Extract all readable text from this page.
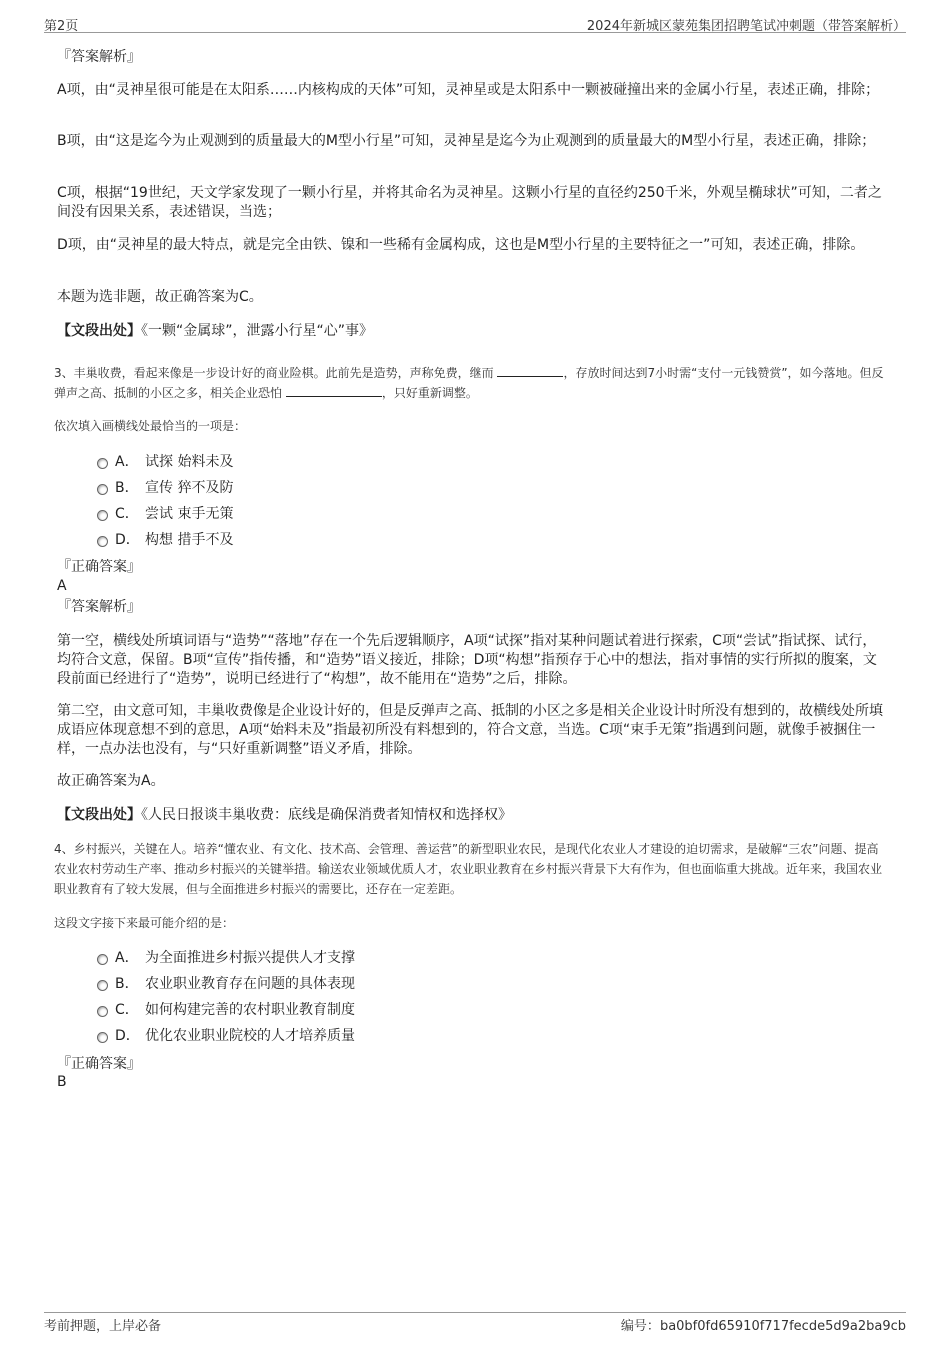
第2页	2024年新城区蒙苑集团招聘笔试冲刺题（带答案解析）
『答案解析』

A项，由“灵神星很可能是在太阳系……内核构成的天体”可知，灵神星或是太阳系中一颗被碰撞出来的金属小行星，表述正确，排除；

B项，由“这是迄今为止观测到的质量最大的M型小行星”可知，灵神星是迄今为止观测到的质量最大的M型小行星，表述正确，排除；

C项，根据“19世纪，天文学家发现了一颗小行星，并将其命名为灵神星。这颗小行星的直径约250千米，外观呈椭球状”可知，二者之间没有因果关系，表述错误，当选；

D项，由“灵神星的最大特点，就是完全由铁、镍和一些稀有金属构成，这也是M型小行星的主要特征之一”可知，表述正确，排除。

本题为选非题，故正确答案为C。

【文段出处】《一颗“金属球”，泄露小行星“心”事》

3、丰巢收费，看起来像是一步设计好的商业险棋。此前先是造势，声称免费，继而	，存放时间达到7小时需“支付一元钱赞赏”，如今落地。但反弹声之高、抵制的小区之多，相关企业恐怕	，只好重新调整。

依次填入画横线处最恰当的一项是：

A． 试探 始料未及
B． 宣传 猝不及防
C． 尝试 束手无策
D． 构想 措手不及
『正确答案』
A
『答案解析』

第一空，横线处所填词语与“造势”“落地”存在一个先后逻辑顺序，A项“试探”指对某种问题试着进行探索，C项“尝试”指试探、试行，均符合文意，保留。B项“宣传”指传播，和“造势”语义接近，排除；D项“构想”指预存于心中的想法，指对事情的实行所拟的腹案，文段前面已经进行了“造势”，说明已经进行了“构想”，故不能用在“造势”之后，排除。

第二空，由文意可知，丰巢收费像是企业设计好的，但是反弹声之高、抵制的小区之多是相关企业设计时所没有想到的，故横线处所填成语应体现意想不到的意思，A项“始料未及”指最初所没有料想到的，符合文意，当选。C项“束手无策”指遇到问题，就像手被捆住一样，一点办法也没有，与“只好重新调整”语义矛盾，排除。

故正确答案为A。

【文段出处】《人民日报谈丰巢收费：底线是确保消费者知情权和选择权》

4、乡村振兴，关键在人。培养“懂农业、有文化、技术高、会管理、善运营”的新型职业农民，是现代化农业人才建设的迫切需求，是破解“三农”问题、提高农业农村劳动生产率、推动乡村振兴的关键举措。输送农业领域优质人才，农业职业教育在乡村振兴背景下大有作为，但也面临重大挑战。近年来，我国农业职业教育有了较大发展，但与全面推进乡村振兴的需要比，还存在一定差距。

这段文字接下来最可能介绍的是：

A． 为全面推进乡村振兴提供人才支撑
B． 农业职业教育存在问题的具体表现
C． 如何构建完善的农村职业教育制度
D． 优化农业职业院校的人才培养质量
『正确答案』
B
考前押题，上岸必备	编号：ba0bf0fd65910f717fecde5d9a2ba9cb
